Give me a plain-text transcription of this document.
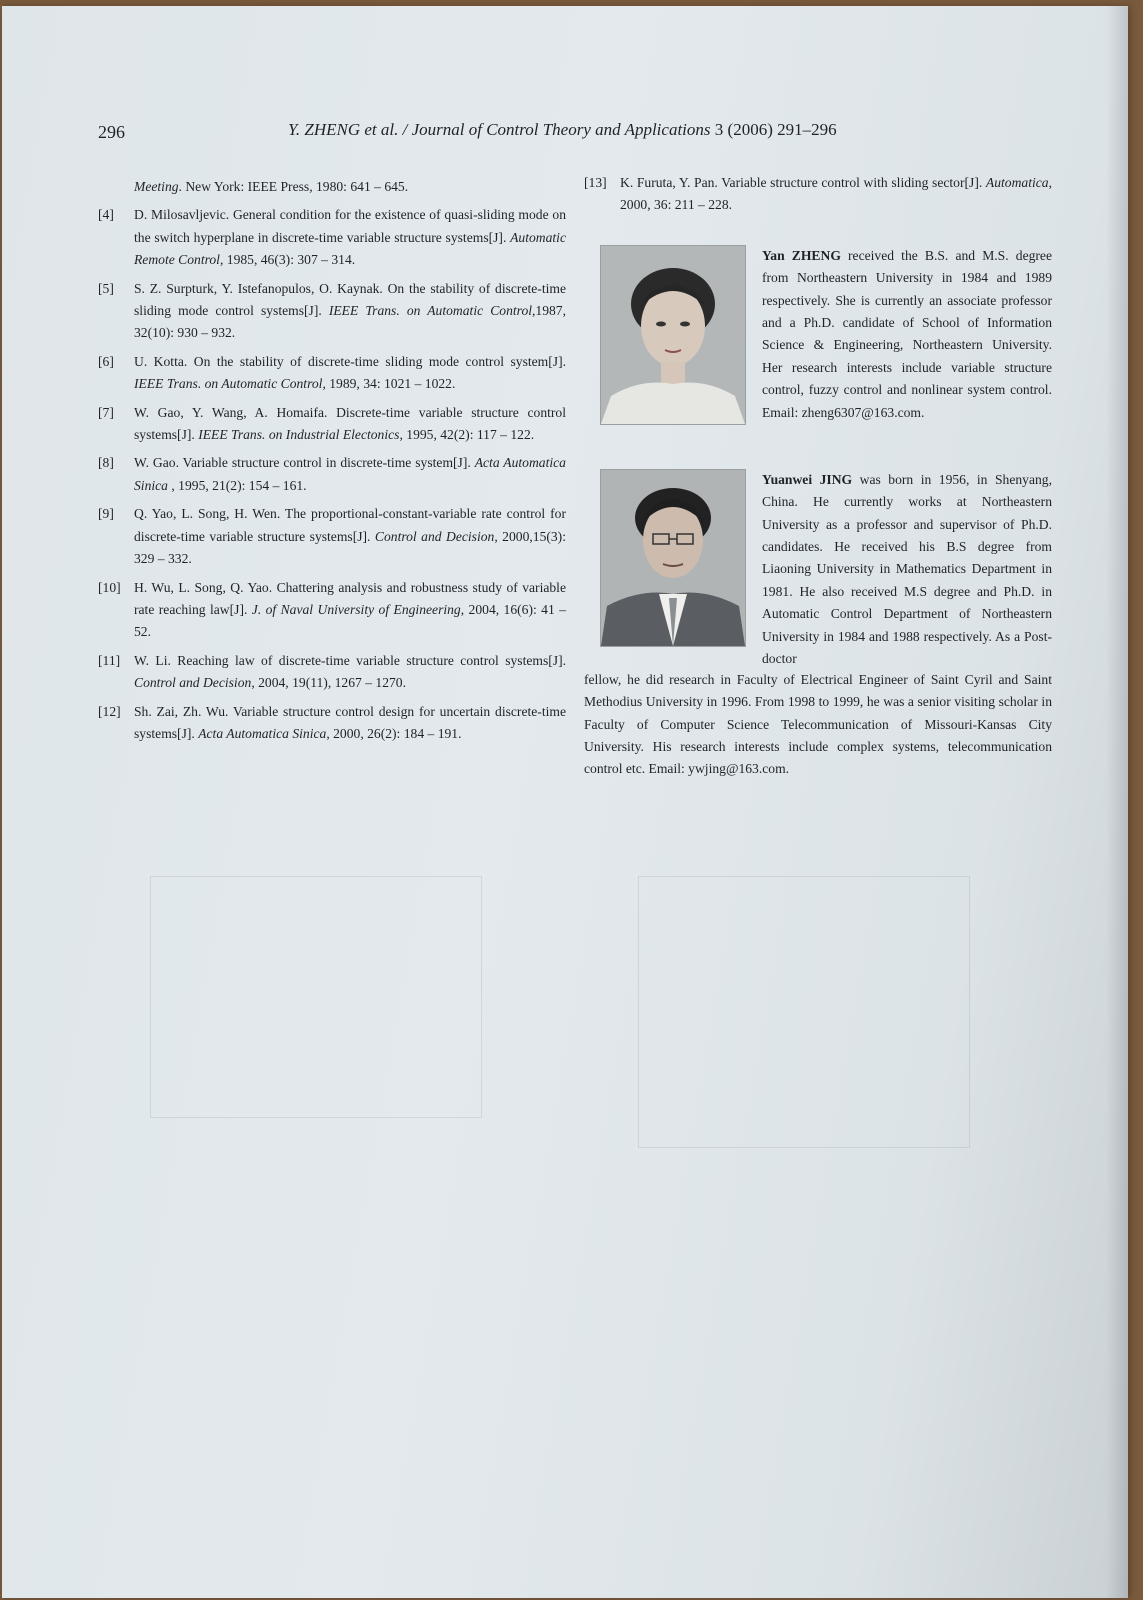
296	Y. ZHENG et al. / Journal of Control Theory and Applications 3 (2006) 291–296
Meeting. New York: IEEE Press, 1980: 641 – 645.
[4] D. Milosavljevic. General condition for the existence of quasi-sliding mode on the switch hyperplane in discrete-time variable structure systems[J]. Automatic Remote Control, 1985, 46(3): 307 – 314.
[5] S. Z. Surpturk, Y. Istefanopulos, O. Kaynak. On the stability of discrete-time sliding mode control systems[J]. IEEE Trans. on Automatic Control,1987, 32(10): 930 – 932.
[6] U. Kotta. On the stability of discrete-time sliding mode control system[J]. IEEE Trans. on Automatic Control, 1989, 34: 1021 – 1022.
[7] W. Gao, Y. Wang, A. Homaifa. Discrete-time variable structure control systems[J]. IEEE Trans. on Industrial Electonics, 1995, 42(2): 117 – 122.
[8] W. Gao. Variable structure control in discrete-time system[J]. Acta Automatica Sinica , 1995, 21(2): 154 – 161.
[9] Q. Yao, L. Song, H. Wen. The proportional-constant-variable rate control for discrete-time variable structure systems[J]. Control and Decision, 2000,15(3): 329 – 332.
[10] H. Wu, L. Song, Q. Yao. Chattering analysis and robustness study of variable rate reaching law[J]. J. of Naval University of Engineering, 2004, 16(6): 41 – 52.
[11] W. Li. Reaching law of discrete-time variable structure control systems[J]. Control and Decision, 2004, 19(11), 1267 – 1270.
[12] Sh. Zai, Zh. Wu. Variable structure control design for uncertain discrete-time systems[J]. Acta Automatica Sinica, 2000, 26(2): 184 – 191.
[13] K. Furuta, Y. Pan. Variable structure control with sliding sector[J]. Automatica, 2000, 36: 211 – 228.
Yan ZHENG received the B.S. and M.S. degree from Northeastern University in 1984 and 1989 respectively. She is currently an associate professor and a Ph.D. candidate of School of Information Science & Engineering, Northeastern University. Her research interests include variable structure control, fuzzy control and nonlinear system control. Email: zheng6307@163.com.
Yuanwei JING was born in 1956, in Shenyang, China. He currently works at Northeastern University as a professor and supervisor of Ph.D. candidates. He received his B.S degree from Liaoning University in Mathematics Department in 1981. He also received M.S degree and Ph.D. in Automatic Control Department of Northeastern University in 1984 and 1988 respectively. As a Post-doctor
fellow, he did research in Faculty of Electrical Engineer of Saint Cyril and Saint Methodius University in 1996. From 1998 to 1999, he was a senior visiting scholar in Faculty of Computer Science Telecommunication of Missouri-Kansas City University. His research interests include complex systems, telecommunication control etc. Email: ywjing@163.com.
